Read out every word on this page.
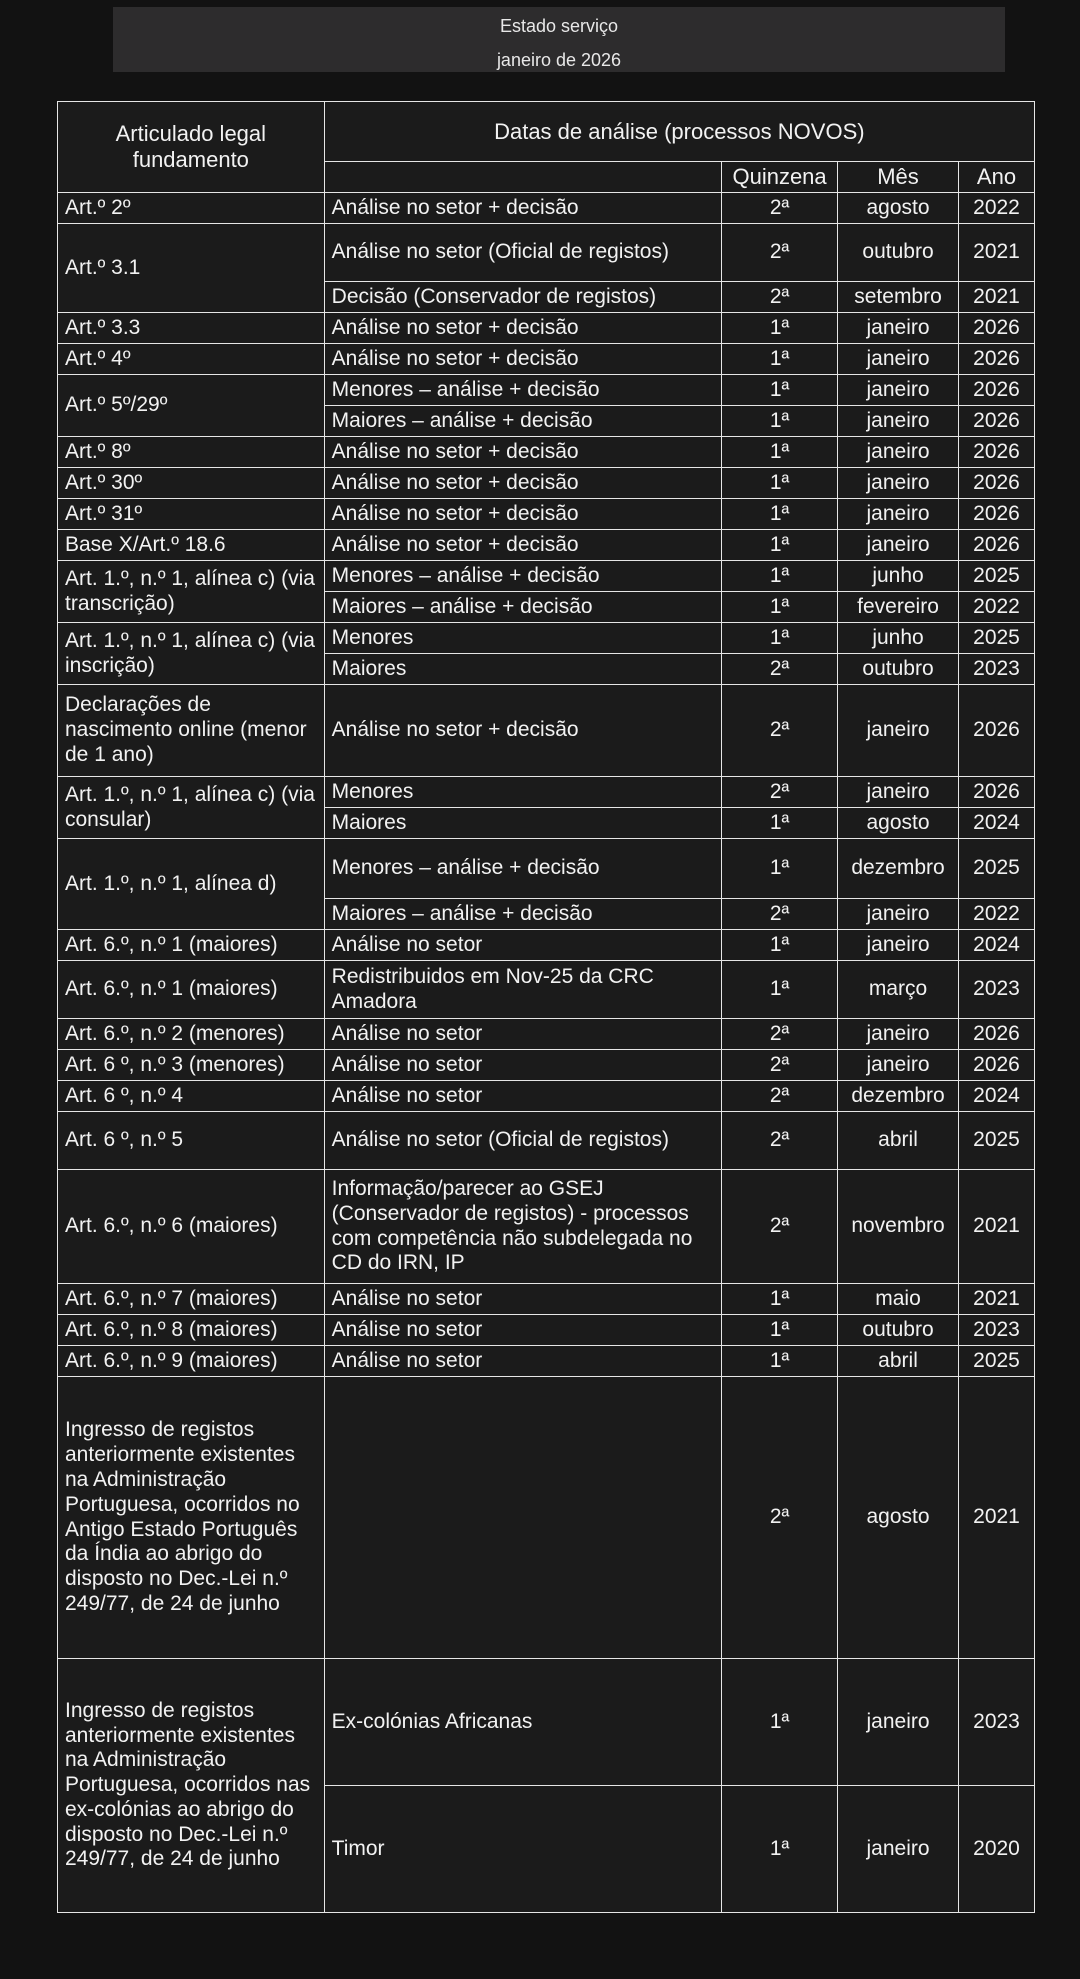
Estado serviço
janeiro de 2026
Articulado legal fundamento	Datas de análise (processos NOVOS)			
		Quinzena	Mês	Ano
Art.º 2º	Análise no setor + decisão	2ª	agosto	2022
Art.º 3.1	Análise no setor (Oficial de registos)	2ª	outubro	2021
	Decisão (Conservador de registos)	2ª	setembro	2021
Art.º 3.3	Análise no setor + decisão	1ª	janeiro	2026
Art.º 4º	Análise no setor + decisão	1ª	janeiro	2026
Art.º 5º/29º	Menores – análise + decisão	1ª	janeiro	2026
	Maiores – análise + decisão	1ª	janeiro	2026
Art.º 8º	Análise no setor + decisão	1ª	janeiro	2026
Art.º 30º	Análise no setor + decisão	1ª	janeiro	2026
Art.º 31º	Análise no setor + decisão	1ª	janeiro	2026
Base X/Art.º 18.6	Análise no setor + decisão	1ª	janeiro	2026
Art. 1.º, n.º 1, alínea c) (via transcrição)	Menores – análise + decisão	1ª	junho	2025
	Maiores – análise + decisão	1ª	fevereiro	2022
Art. 1.º, n.º 1, alínea c) (via inscrição)	Menores	1ª	junho	2025
	Maiores	2ª	outubro	2023
Declarações de nascimento online (menor de 1 ano)	Análise no setor + decisão	2ª	janeiro	2026
Art. 1.º, n.º 1, alínea c) (via consular)	Menores	2ª	janeiro	2026
	Maiores	1ª	agosto	2024
Art. 1.º, n.º 1, alínea d)	Menores – análise + decisão	1ª	dezembro	2025
	Maiores – análise + decisão	2ª	janeiro	2022
Art. 6.º, n.º 1 (maiores)	Análise no setor	1ª	janeiro	2024
Art. 6.º, n.º 1 (maiores)	Redistribuidos em Nov-25 da CRC Amadora	1ª	março	2023
Art. 6.º, n.º 2 (menores)	Análise no setor	2ª	janeiro	2026
Art. 6 º, n.º 3 (menores)	Análise no setor	2ª	janeiro	2026
Art. 6 º, n.º 4	Análise no setor	2ª	dezembro	2024
Art. 6 º, n.º 5	Análise no setor (Oficial de registos)	2ª	abril	2025
Art. 6.º, n.º 6 (maiores)	Informação/parecer ao GSEJ (Conservador de registos) - processos com competência não subdelegada no CD do IRN, IP	2ª	novembro	2021
Art. 6.º, n.º 7 (maiores)	Análise no setor	1ª	maio	2021
Art. 6.º, n.º 8 (maiores)	Análise no setor	1ª	outubro	2023
Art. 6.º, n.º 9 (maiores)	Análise no setor	1ª	abril	2025
Ingresso de registos anteriormente existentes na Administração Portuguesa, ocorridos no Antigo Estado Português da Índia ao abrigo do disposto no Dec.-Lei n.º 249/77, de 24 de junho		2ª	agosto	2021
Ingresso de registos anteriormente existentes na Administração Portuguesa, ocorridos nas ex-colónias ao abrigo do disposto no Dec.-Lei n.º 249/77, de 24 de junho	Ex-colónias Africanas	1ª	janeiro	2023
	Timor	1ª	janeiro	2020
